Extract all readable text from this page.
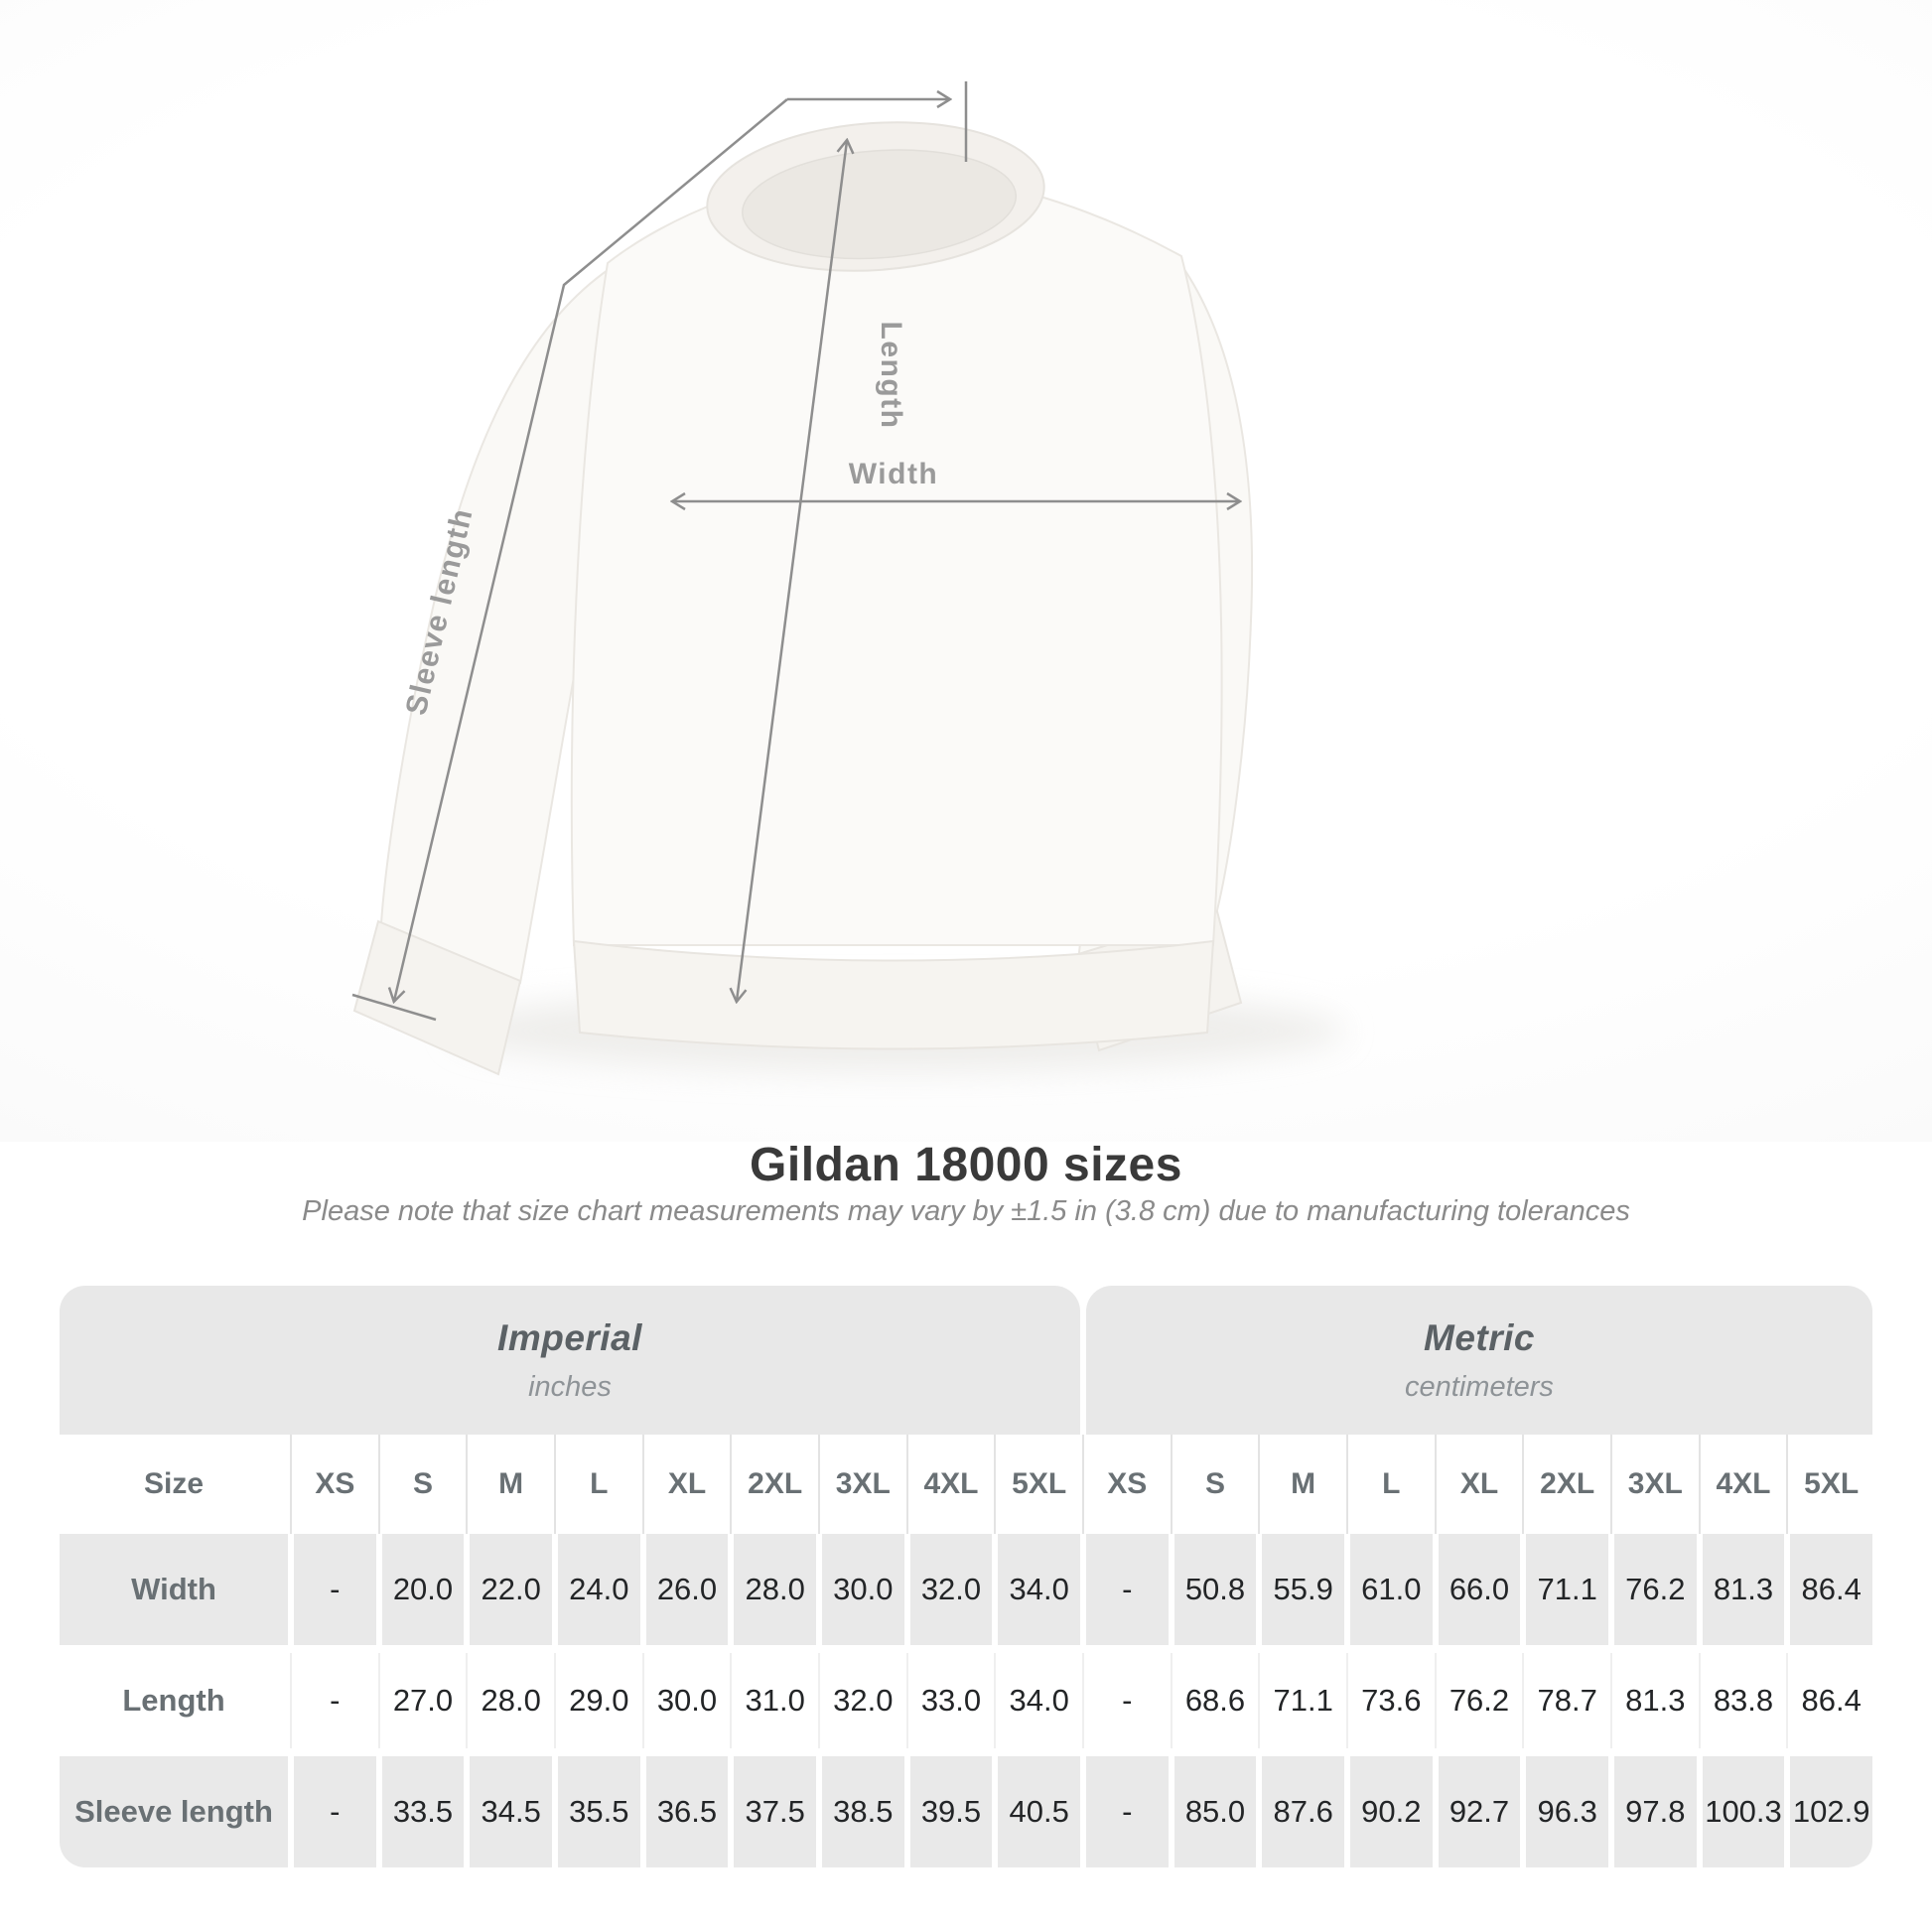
Length
Width
Sleeve length
Gildan 18000 sizes
Please note that size chart measurements may vary by ±1.5 in (3.8 cm) due to manufacturing tolerances
Imperial
inches
Metric
centimeters
Size	XS	S	M	L	XL	2XL	3XL	4XL	5XL	XS	S	M	L	XL	2XL	3XL	4XL	5XL
Width	-	20.0 22.0 24.0 26.0 28.0 30.0 32.0 34.0	-	50.8 55.9 61.0 66.0 71.1 76.2 81.3 86.4
Length	-	27.0 28.0 29.0 30.0 31.0 32.0 33.0 34.0	-	68.6 71.1 73.6 76.2 78.7 81.3 83.8 86.4
Sleeve length	-	33.5 34.5 35.5 36.5 37.5 38.5 39.5 40.5	-	85.0 87.6 90.2 92.7 96.3 97.8 100.3 102.9
